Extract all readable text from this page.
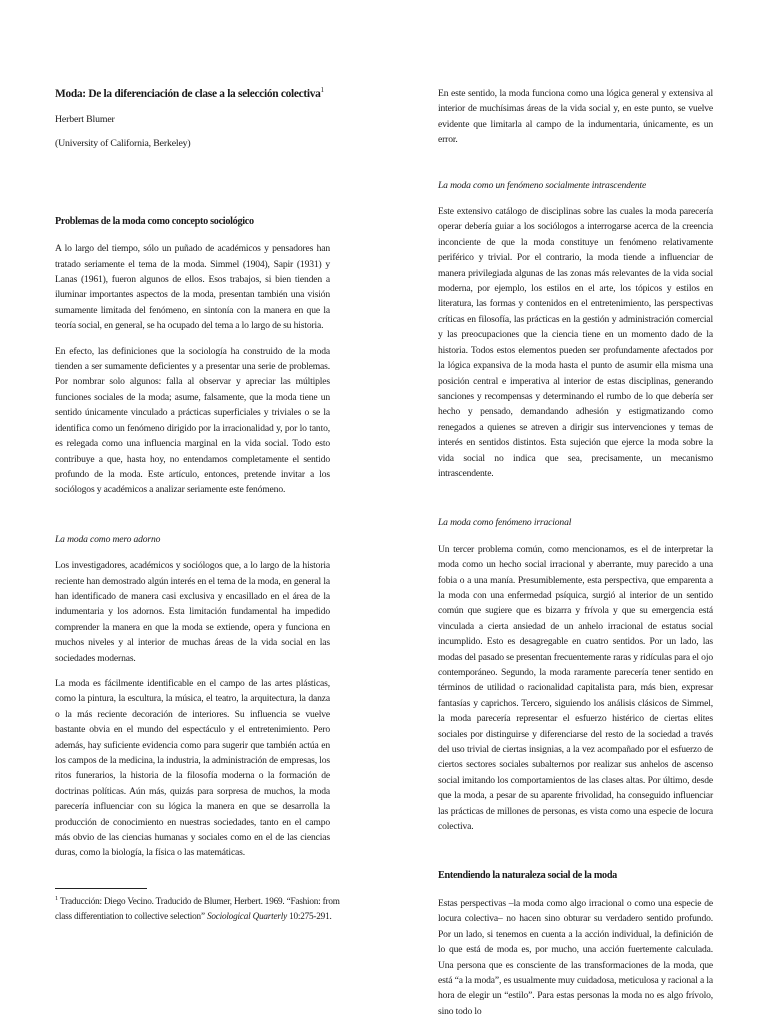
Moda: De la diferenciación de clase a la selección colectiva$^1$
Herbert Blumer
(University of California, Berkeley)
Problemas de la moda como concepto sociológico

A lo largo del tiempo, sólo un puñado de académicos y pensadores han tratado seriamente el tema de la moda. Simmel (1904), Sapir (1931) y Lanas (1961), fueron algunos de ellos. Esos trabajos, si bien tienden a iluminar importantes aspectos de la moda, presentan también una visión sumamente limitada del fenómeno, en sintonía con la manera en que la teoría social, en general, se ha ocupado del tema a lo largo de su historia.

En efecto, las definiciones que la sociología ha construido de la moda tienden a ser sumamente deficientes y a presentar una serie de problemas. Por nombrar solo algunos: falla al observar y apreciar las múltiples funciones sociales de la moda; asume, falsamente, que la moda tiene un sentido únicamente vinculado a prácticas superficiales y triviales o se la identifica como un fenómeno dirigido por la irracionalidad y, por lo tanto, es relegada como una influencia marginal en la vida social. Todo esto contribuye a que, hasta hoy, no entendamos completamente el sentido profundo de la moda. Este artículo, entonces, pretende invitar a los sociólogos y académicos a analizar seriamente este fenómeno.

La moda como mero adorno

Los investigadores, académicos y sociólogos que, a lo largo de la historia reciente han demostrado algún interés en el tema de la moda, en general la han identificado de manera casi exclusiva y encasillado en el área de la indumentaria y los adornos. Esta limitación fundamental ha impedido comprender la manera en que la moda se extiende, opera y funciona en muchos niveles y al interior de muchas áreas de la vida social en las sociedades modernas.

La moda es fácilmente identificable en el campo de las artes plásticas, como la pintura, la escultura, la música, el teatro, la arquitectura, la danza o la más reciente decoración de interiores. Su influencia se vuelve bastante obvia en el mundo del espectáculo y el entretenimiento. Pero además, hay suficiente evidencia como para sugerir que también actúa en los campos de la medicina, la industria, la administración de empresas, los ritos funerarios, la historia de la filosofía moderna o la formación de doctrinas políticas. Aún más, quizás para sorpresa de muchos, la moda parecería influenciar con su lógica la manera en que se desarrolla la producción de conocimiento en nuestras sociedades, tanto en el campo más obvio de las ciencias humanas y sociales como en el de las ciencias duras, como la biología, la física o las matemáticas.

$^1$ Traducción: Diego Vecino. Traducido de Blumer, Herbert. 1969. “Fashion: from class differentiation to collective selection” Sociological Quarterly 10:275-291.

En este sentido, la moda funciona como una lógica general y extensiva al interior de muchísimas áreas de la vida social y, en este punto, se vuelve evidente que limitarla al campo de la indumentaria, únicamente, es un error.

La moda como un fenómeno socialmente intrascendente

Este extensivo catálogo de disciplinas sobre las cuales la moda parecería operar debería guiar a los sociólogos a interrogarse acerca de la creencia inconciente de que la moda constituye un fenómeno relativamente periférico y trivial. Por el contrario, la moda tiende a influenciar de manera privilegiada algunas de las zonas más relevantes de la vida social moderna, por ejemplo, los estilos en el arte, los tópicos y estilos en literatura, las formas y contenidos en el entretenimiento, las perspectivas críticas en filosofía, las prácticas en la gestión y administración comercial y las preocupaciones que la ciencia tiene en un momento dado de la historia. Todos estos elementos pueden ser profundamente afectados por la lógica expansiva de la moda hasta el punto de asumir ella misma una posición central e imperativa al interior de estas disciplinas, generando sanciones y recompensas y determinando el rumbo de lo que debería ser hecho y pensado, demandando adhesión y estigmatizando como renegados a quienes se atreven a dirigir sus intervenciones y temas de interés en sentidos distintos. Esta sujeción que ejerce la moda sobre la vida social no indica que sea, precisamente, un mecanismo intrascendente.

La moda como fenómeno irracional

Un tercer problema común, como mencionamos, es el de interpretar la moda como un hecho social irracional y aberrante, muy parecido a una fobia o a una manía. Presumiblemente, esta perspectiva, que emparenta a la moda con una enfermedad psíquica, surgió al interior de un sentido común que sugiere que es bizarra y frívola y que su emergencia está vinculada a cierta ansiedad de un anhelo irracional de estatus social incumplido. Esto es desagregable en cuatro sentidos. Por un lado, las modas del pasado se presentan frecuentemente raras y ridículas para el ojo contemporáneo. Segundo, la moda raramente parecería tener sentido en términos de utilidad o racionalidad capitalista para, más bien, expresar fantasías y caprichos. Tercero, siguiendo los análisis clásicos de Simmel, la moda parecería representar el esfuerzo histérico de ciertas elites sociales por distinguirse y diferenciarse del resto de la sociedad a través del uso trivial de ciertas insignias, a la vez acompañado por el esfuerzo de ciertos sectores sociales subalternos por realizar sus anhelos de ascenso social imitando los comportamientos de las clases altas. Por último, desde que la moda, a pesar de su aparente frivolidad, ha conseguido influenciar las prácticas de millones de personas, es vista como una especie de locura colectiva.

Entendiendo la naturaleza social de la moda

Estas perspectivas –la moda como algo irracional o como una especie de locura colectiva– no hacen sino obturar su verdadero sentido profundo. Por un lado, si tenemos en cuenta a la acción individual, la definición de lo que está de moda es, por mucho, una acción fuertemente calculada. Una persona que es consciente de las transformaciones de la moda, que está “a la moda”, es usualmente muy cuidadosa, meticulosa y racional a la hora de elegir un “estilo”. Para estas personas la moda no es algo frívolo, sino todo lo
